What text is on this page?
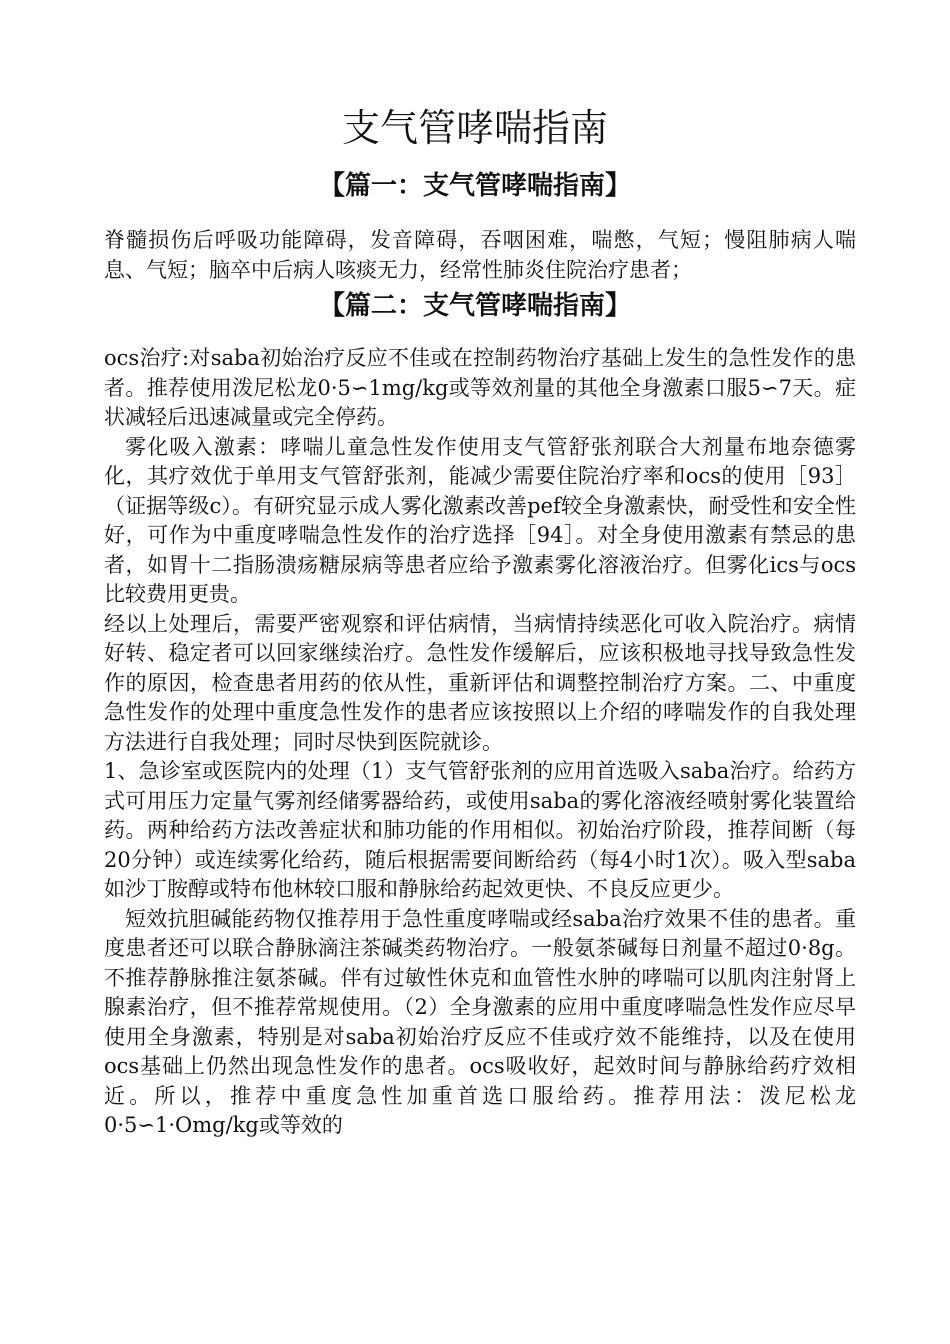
支气管哮喘指南
【篇一：支气管哮喘指南】

脊髓损伤后呼吸功能障碍，发音障碍，吞咽困难，喘憋，气短；慢阻肺病人喘息、气短；脑卒中后病人咳痰无力，经常性肺炎住院治疗患者；

【篇二：支气管哮喘指南】

ocs治疗:对saba初始治疗反应不佳或在控制药物治疗基础上发生的急性发作的患者。推荐使用泼尼松龙0·5∽1mg/kg或等效剂量的其他全身激素口服5∽7天。症状减轻后迅速减量或完全停药。

雾化吸入激素：哮喘儿童急性发作使用支气管舒张剂联合大剂量布地奈德雾化，其疗效优于单用支气管舒张剂，能减少需要住院治疗率和ocs的使用［93］（证据等级c）。有研究显示成人雾化激素改善pef较全身激素快，耐受性和安全性好，可作为中重度哮喘急性发作的治疗选择［94］。对全身使用激素有禁忌的患者，如胃十二指肠溃疡糖尿病等患者应给予激素雾化溶液治疗。但雾化ics与ocs比较费用更贵。

经以上处理后，需要严密观察和评估病情，当病情持续恶化可收入院治疗。病情好转、稳定者可以回家继续治疗。急性发作缓解后，应该积极地寻找导致急性发作的原因，检查患者用药的依从性，重新评估和调整控制治疗方案。二、中重度急性发作的处理中重度急性发作的患者应该按照以上介绍的哮喘发作的自我处理方法进行自我处理；同时尽快到医院就诊。

1、急诊室或医院内的处理（1）支气管舒张剂的应用首选吸入saba治疗。给药方式可用压力定量气雾剂经储雾器给药，或使用saba的雾化溶液经喷射雾化装置给药。两种给药方法改善症状和肺功能的作用相似。初始治疗阶段，推荐间断（每20分钟）或连续雾化给药，随后根据需要间断给药（每4小时1次）。吸入型saba如沙丁胺醇或特布他林较口服和静脉给药起效更快、不良反应更少。

短效抗胆碱能药物仅推荐用于急性重度哮喘或经saba治疗效果不佳的患者。重度患者还可以联合静脉滴注茶碱类药物治疗。一般氨茶碱每日剂量不超过0·8g。不推荐静脉推注氨茶碱。伴有过敏性休克和血管性水肿的哮喘可以肌肉注射肾上腺素治疗，但不推荐常规使用。（2）全身激素的应用中重度哮喘急性发作应尽早使用全身激素，特别是对saba初始治疗反应不佳或疗效不能维持，以及在使用ocs基础上仍然出现急性发作的患者。ocs吸收好，起效时间与静脉给药疗效相近。所以，推荐中重度急性加重首选口服给药。推荐用法：泼尼松龙0·5∽1·Omg/kg或等效的
